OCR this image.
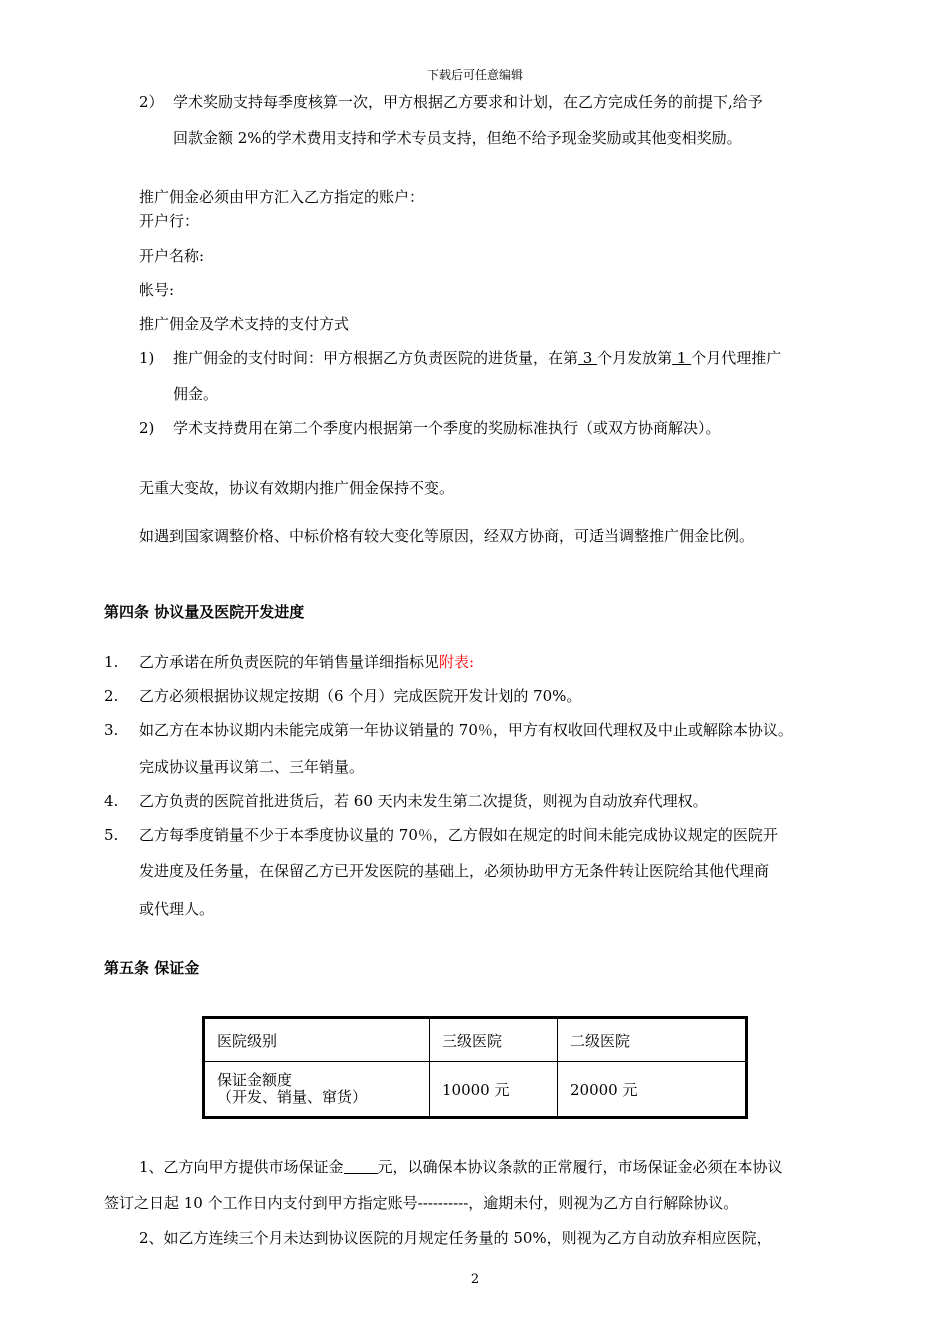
下载后可任意编辑
2） 学术奖励支持每季度核算一次，甲方根据乙方要求和计划，在乙方完成任务的前提下,给予
回款金额 2%的学术费用支持和学术专员支持，但绝不给予现金奖励或其他变相奖励。
推广佣金必须由甲方汇入乙方指定的账户：
开户行：
开户名称:
帐号:
推广佣金及学术支持的支付方式
1) 推广佣金的支付时间：甲方根据乙方负责医院的进货量，在第 3 个月发放第 1 个月代理推广
佣金。
2) 学术支持费用在第二个季度内根据第一个季度的奖励标准执行（或双方协商解决）。
无重大变故，协议有效期内推广佣金保持不变。
如遇到国家调整价格、中标价格有较大变化等原因，经双方协商，可适当调整推广佣金比例。
第四条 协议量及医院开发进度
1. 乙方承诺在所负责医院的年销售量详细指标见附表:
2. 乙方必须根据协议规定按期（6 个月）完成医院开发计划的 70%。
3. 如乙方在本协议期内未能完成第一年协议销量的 70％，甲方有权收回代理权及中止或解除本协议。
完成协议量再议第二、三年销量。
4. 乙方负责的医院首批进货后，若 60 天内未发生第二次提货，则视为自动放弃代理权。
5. 乙方每季度销量不少于本季度协议量的 70％，乙方假如在规定的时间未能完成协议规定的医院开
发进度及任务量，在保留乙方已开发医院的基础上，必须协助甲方无条件转让医院给其他代理商
或代理人。
第五条 保证金
医院级别	三级医院	二级医院

保证金额度
（开发、销量、窜货）	10000 元	20000 元
1、乙方向甲方提供市场保证金 元，以确保本协议条款的正常履行，市场保证金必须在本协议
签订之日起 10 个工作日内支付到甲方指定账号----------，逾期未付，则视为乙方自行解除协议。
2、如乙方连续三个月未达到协议医院的月规定任务量的 50%，则视为乙方自动放弃相应医院，
2
